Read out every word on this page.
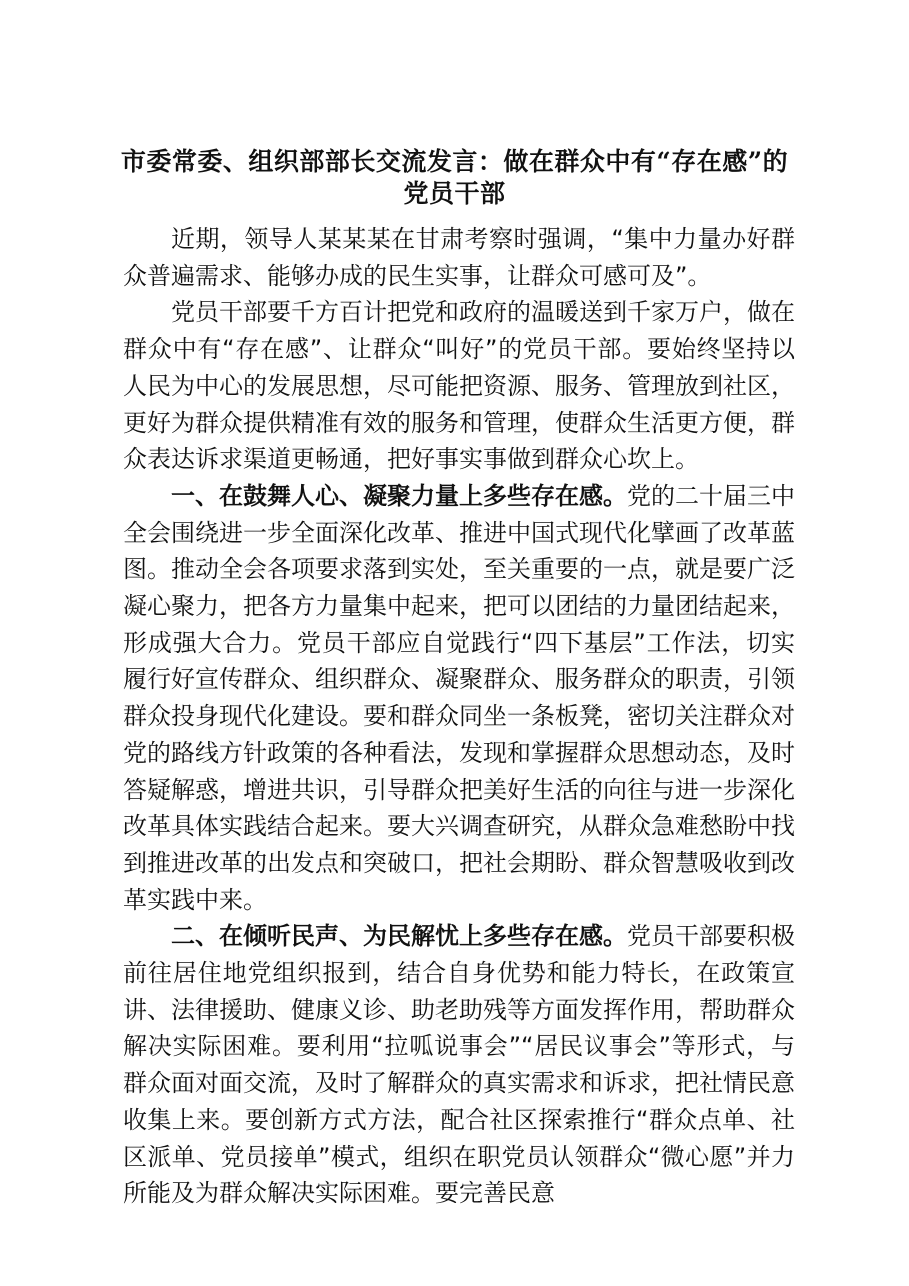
市委常委、组织部部长交流发言：做在群众中有“存在感”的党员干部

近期，领导人某某某在甘肃考察时强调，“集中力量办好群众普遍需求、能够办成的民生实事，让群众可感可及”。

党员干部要千方百计把党和政府的温暖送到千家万户，做在群众中有“存在感”、让群众“叫好”的党员干部。要始终坚持以人民为中心的发展思想，尽可能把资源、服务、管理放到社区，更好为群众提供精准有效的服务和管理，使群众生活更方便，群众表达诉求渠道更畅通，把好事实事做到群众心坎上。

一、在鼓舞人心、凝聚力量上多些存在感。党的二十届三中全会围绕进一步全面深化改革、推进中国式现代化擘画了改革蓝图。推动全会各项要求落到实处，至关重要的一点，就是要广泛凝心聚力，把各方力量集中起来，把可以团结的力量团结起来，形成强大合力。党员干部应自觉践行“四下基层”工作法，切实履行好宣传群众、组织群众、凝聚群众、服务群众的职责，引领群众投身现代化建设。要和群众同坐一条板凳，密切关注群众对党的路线方针政策的各种看法，发现和掌握群众思想动态，及时答疑解惑，增进共识，引导群众把美好生活的向往与进一步深化改革具体实践结合起来。要大兴调查研究，从群众急难愁盼中找到推进改革的出发点和突破口，把社会期盼、群众智慧吸收到改革实践中来。

二、在倾听民声、为民解忧上多些存在感。党员干部要积极前往居住地党组织报到，结合自身优势和能力特长，在政策宣讲、法律援助、健康义诊、助老助残等方面发挥作用，帮助群众解决实际困难。要利用“拉呱说事会”“居民议事会”等形式，与群众面对面交流，及时了解群众的真实需求和诉求，把社情民意收集上来。要创新方式方法，配合社区探索推行“群众点单、社区派单、党员接单”模式，组织在职党员认领群众“微心愿”并力所能及为群众解决实际困难。要完善民意
